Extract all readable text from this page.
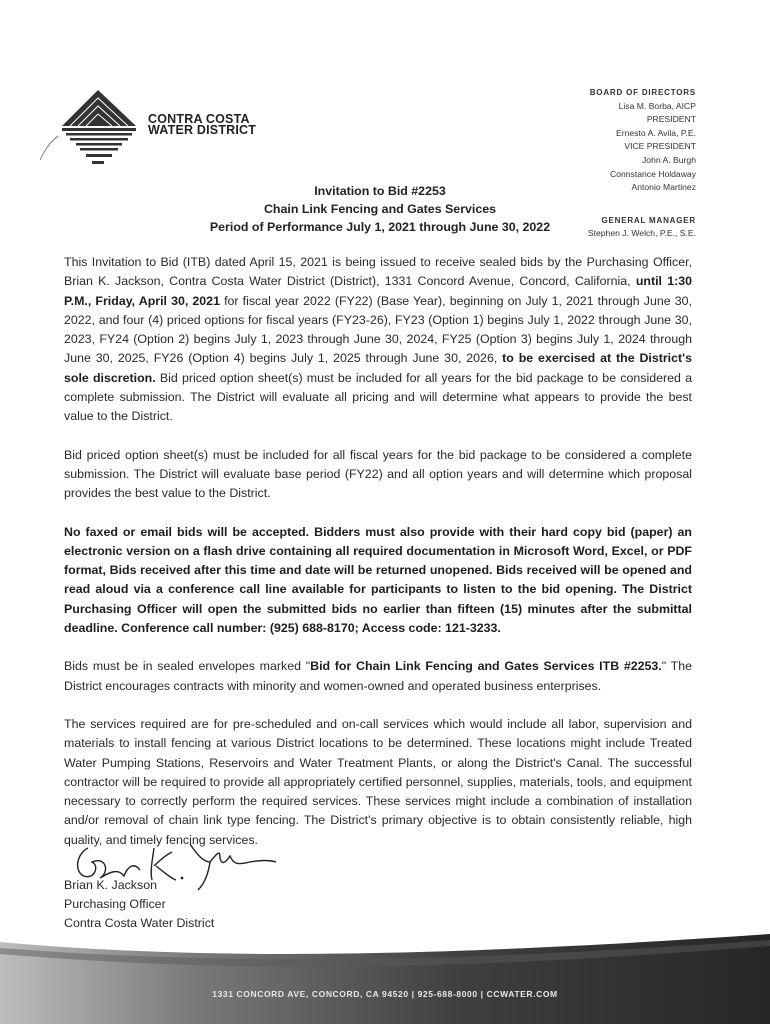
CONTRA COSTA
WATER DISTRICT
BOARD OF DIRECTORS
Lisa M. Borba, AICP
PRESIDENT
Ernesto A. Avila, P.E.
VICE PRESIDENT
John A. Burgh
Connstance Holdaway
Antonio Martinez
GENERAL MANAGER
Stephen J. Welch, P.E., S.E.
Invitation to Bid #2253
Chain Link Fencing and Gates Services
Period of Performance July 1, 2021 through June 30, 2022

This Invitation to Bid (ITB) dated April 15, 2021 is being issued to receive sealed bids by the Purchasing Officer, Brian K. Jackson, Contra Costa Water District (District), 1331 Concord Avenue, Concord, California, until 1:30 P.M., Friday, April 30, 2021 for fiscal year 2022 (FY22) (Base Year), beginning on July 1, 2021 through June 30, 2022, and four (4) priced options for fiscal years (FY23-26), FY23 (Option 1) begins July 1, 2022 through June 30, 2023, FY24 (Option 2) begins July 1, 2023 through June 30, 2024, FY25 (Option 3) begins July 1, 2024 through June 30, 2025, FY26 (Option 4) begins July 1, 2025 through June 30, 2026, to be exercised at the District's sole discretion. Bid priced option sheet(s) must be included for all years for the bid package to be considered a complete submission. The District will evaluate all pricing and will determine what appears to provide the best value to the District.

Bid priced option sheet(s) must be included for all fiscal years for the bid package to be considered a complete submission. The District will evaluate base period (FY22) and all option years and will determine which proposal provides the best value to the District.

No faxed or email bids will be accepted. Bidders must also provide with their hard copy bid (paper) an electronic version on a flash drive containing all required documentation in Microsoft Word, Excel, or PDF format, Bids received after this time and date will be returned unopened. Bids received will be opened and read aloud via a conference call line available for participants to listen to the bid opening. The District Purchasing Officer will open the submitted bids no earlier than fifteen (15) minutes after the submittal deadline. Conference call number: (925) 688-8170; Access code: 121-3233.

Bids must be in sealed envelopes marked "Bid for Chain Link Fencing and Gates Services ITB #2253." The District encourages contracts with minority and women-owned and operated business enterprises.

The services required are for pre-scheduled and on-call services which would include all labor, supervision and materials to install fencing at various District locations to be determined. These locations might include Treated Water Pumping Stations, Reservoirs and Water Treatment Plants, or along the District's Canal. The successful contractor will be required to provide all appropriately certified personnel, supplies, materials, tools, and equipment necessary to correctly perform the required services. These services might include a combination of installation and/or removal of chain link type fencing. The District's primary objective is to obtain consistently reliable, high quality, and timely fencing services.

Brian K. Jackson
Purchasing Officer
Contra Costa Water District
1331 CONCORD AVE, CONCORD, CA 94520 | 925-688-8000 | CCWATER.COM
